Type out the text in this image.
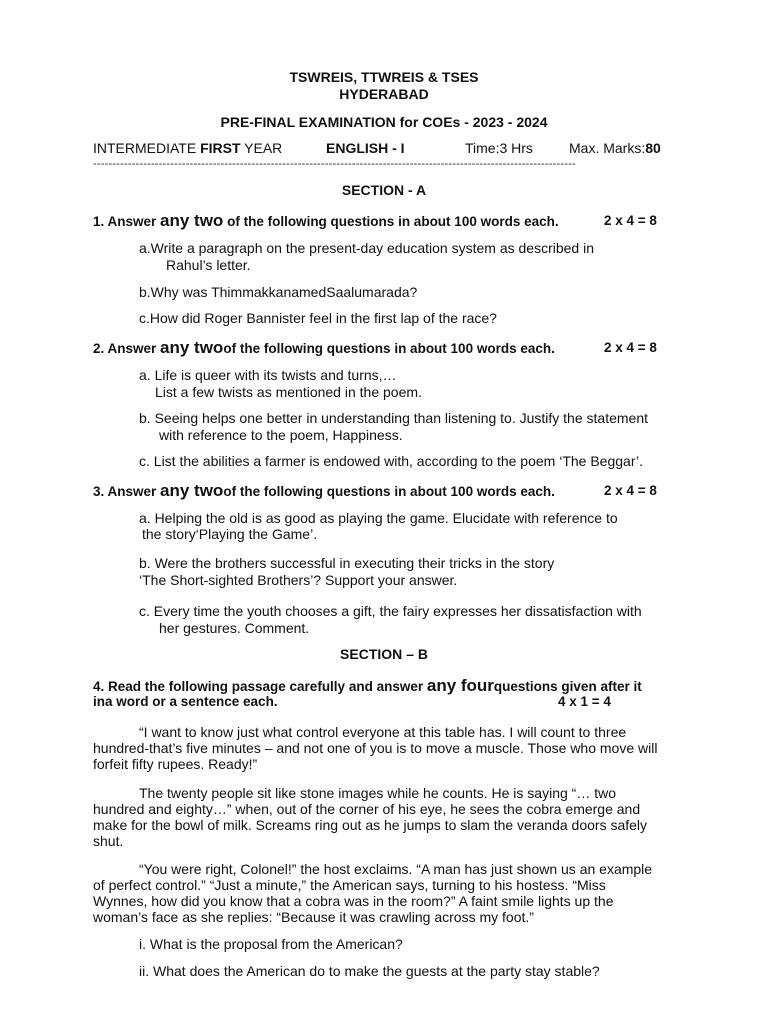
TSWREIS, TTWREIS & TSES
HYDERABAD
PRE-FINAL EXAMINATION for COEs - 2023 - 2024
INTERMEDIATE FIRST YEAR	ENGLISH - I	Time:3 Hrs	Max. Marks:80
-----------------------------------------------------------------------------------------------------------------------------
SECTION - A
1. Answer any two of the following questions in about 100 words each.	2 x 4 = 8
a.Write a paragraph on the present-day education system as described in
Rahul’s letter.
b.Why was ThimmakkanamedSaalumarada?
c.How did Roger Bannister feel in the first lap of the race?
2. Answer any twoof the following questions in about 100 words each.	2 x 4 = 8
a. Life is queer with its twists and turns,…
List a few twists as mentioned in the poem.
b. Seeing helps one better in understanding than listening to. Justify the statement
with reference to the poem, Happiness.
c. List the abilities a farmer is endowed with, according to the poem ‘The Beggar’.
3. Answer any twoof the following questions in about 100 words each.	2 x 4 = 8
a. Helping the old is as good as playing the game. Elucidate with reference to
the story‘Playing the Game’.
b. Were the brothers successful in executing their tricks in the story
‘The Short-sighted Brothers’? Support your answer.
c. Every time the youth chooses a gift, the fairy expresses her dissatisfaction with
her gestures. Comment.
SECTION – B
4. Read the following passage carefully and answer any fourquestions given after it
ina word or a sentence each.	4 x 1 = 4
“I want to know just what control everyone at this table has. I will count to three
hundred-that’s five minutes – and not one of you is to move a muscle. Those who move will
forfeit fifty rupees. Ready!”
The twenty people sit like stone images while he counts. He is saying “… two
hundred and eighty…” when, out of the corner of his eye, he sees the cobra emerge and
make for the bowl of milk. Screams ring out as he jumps to slam the veranda doors safely
shut.
“You were right, Colonel!” the host exclaims. “A man has just shown us an example
of perfect control.” “Just a minute,” the American says, turning to his hostess. “Miss
Wynnes, how did you know that a cobra was in the room?” A faint smile lights up the
woman’s face as she replies: “Because it was crawling across my foot.”
i. What is the proposal from the American?
ii. What does the American do to make the guests at the party stay stable?
